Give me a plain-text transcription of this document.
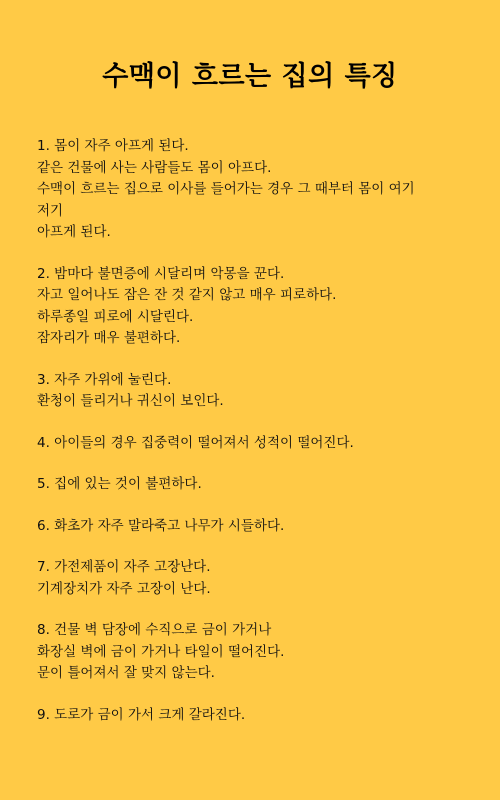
수맥이 흐르는 집의 특징
1. 몸이 자주 아프게 된다.
같은 건물에 사는 사람들도 몸이 아프다.
수맥이 흐르는 집으로 이사를 들어가는 경우 그 때부터 몸이 여기
저기
아프게 된다.
2. 밤마다 불면증에 시달리며 악몽을 꾼다.
자고 일어나도 잠은 잔 것 같지 않고 매우 피로하다.
하루종일 피로에 시달린다.
잠자리가 매우 불편하다.
3. 자주 가위에 눌린다.
환청이 들리거나 귀신이 보인다.
4. 아이들의 경우 집중력이 떨어져서 성적이 떨어진다.
5. 집에 있는 것이 불편하다.
6. 화초가 자주 말라죽고 나무가 시들하다.
7. 가전제품이 자주 고장난다.
기계장치가 자주 고장이 난다.
8. 건물 벽 담장에 수직으로 금이 가거나
화장실 벽에 금이 가거나 타일이 떨어진다.
문이 틀어져서 잘 맞지 않는다.
9. 도로가 금이 가서 크게 갈라진다.
